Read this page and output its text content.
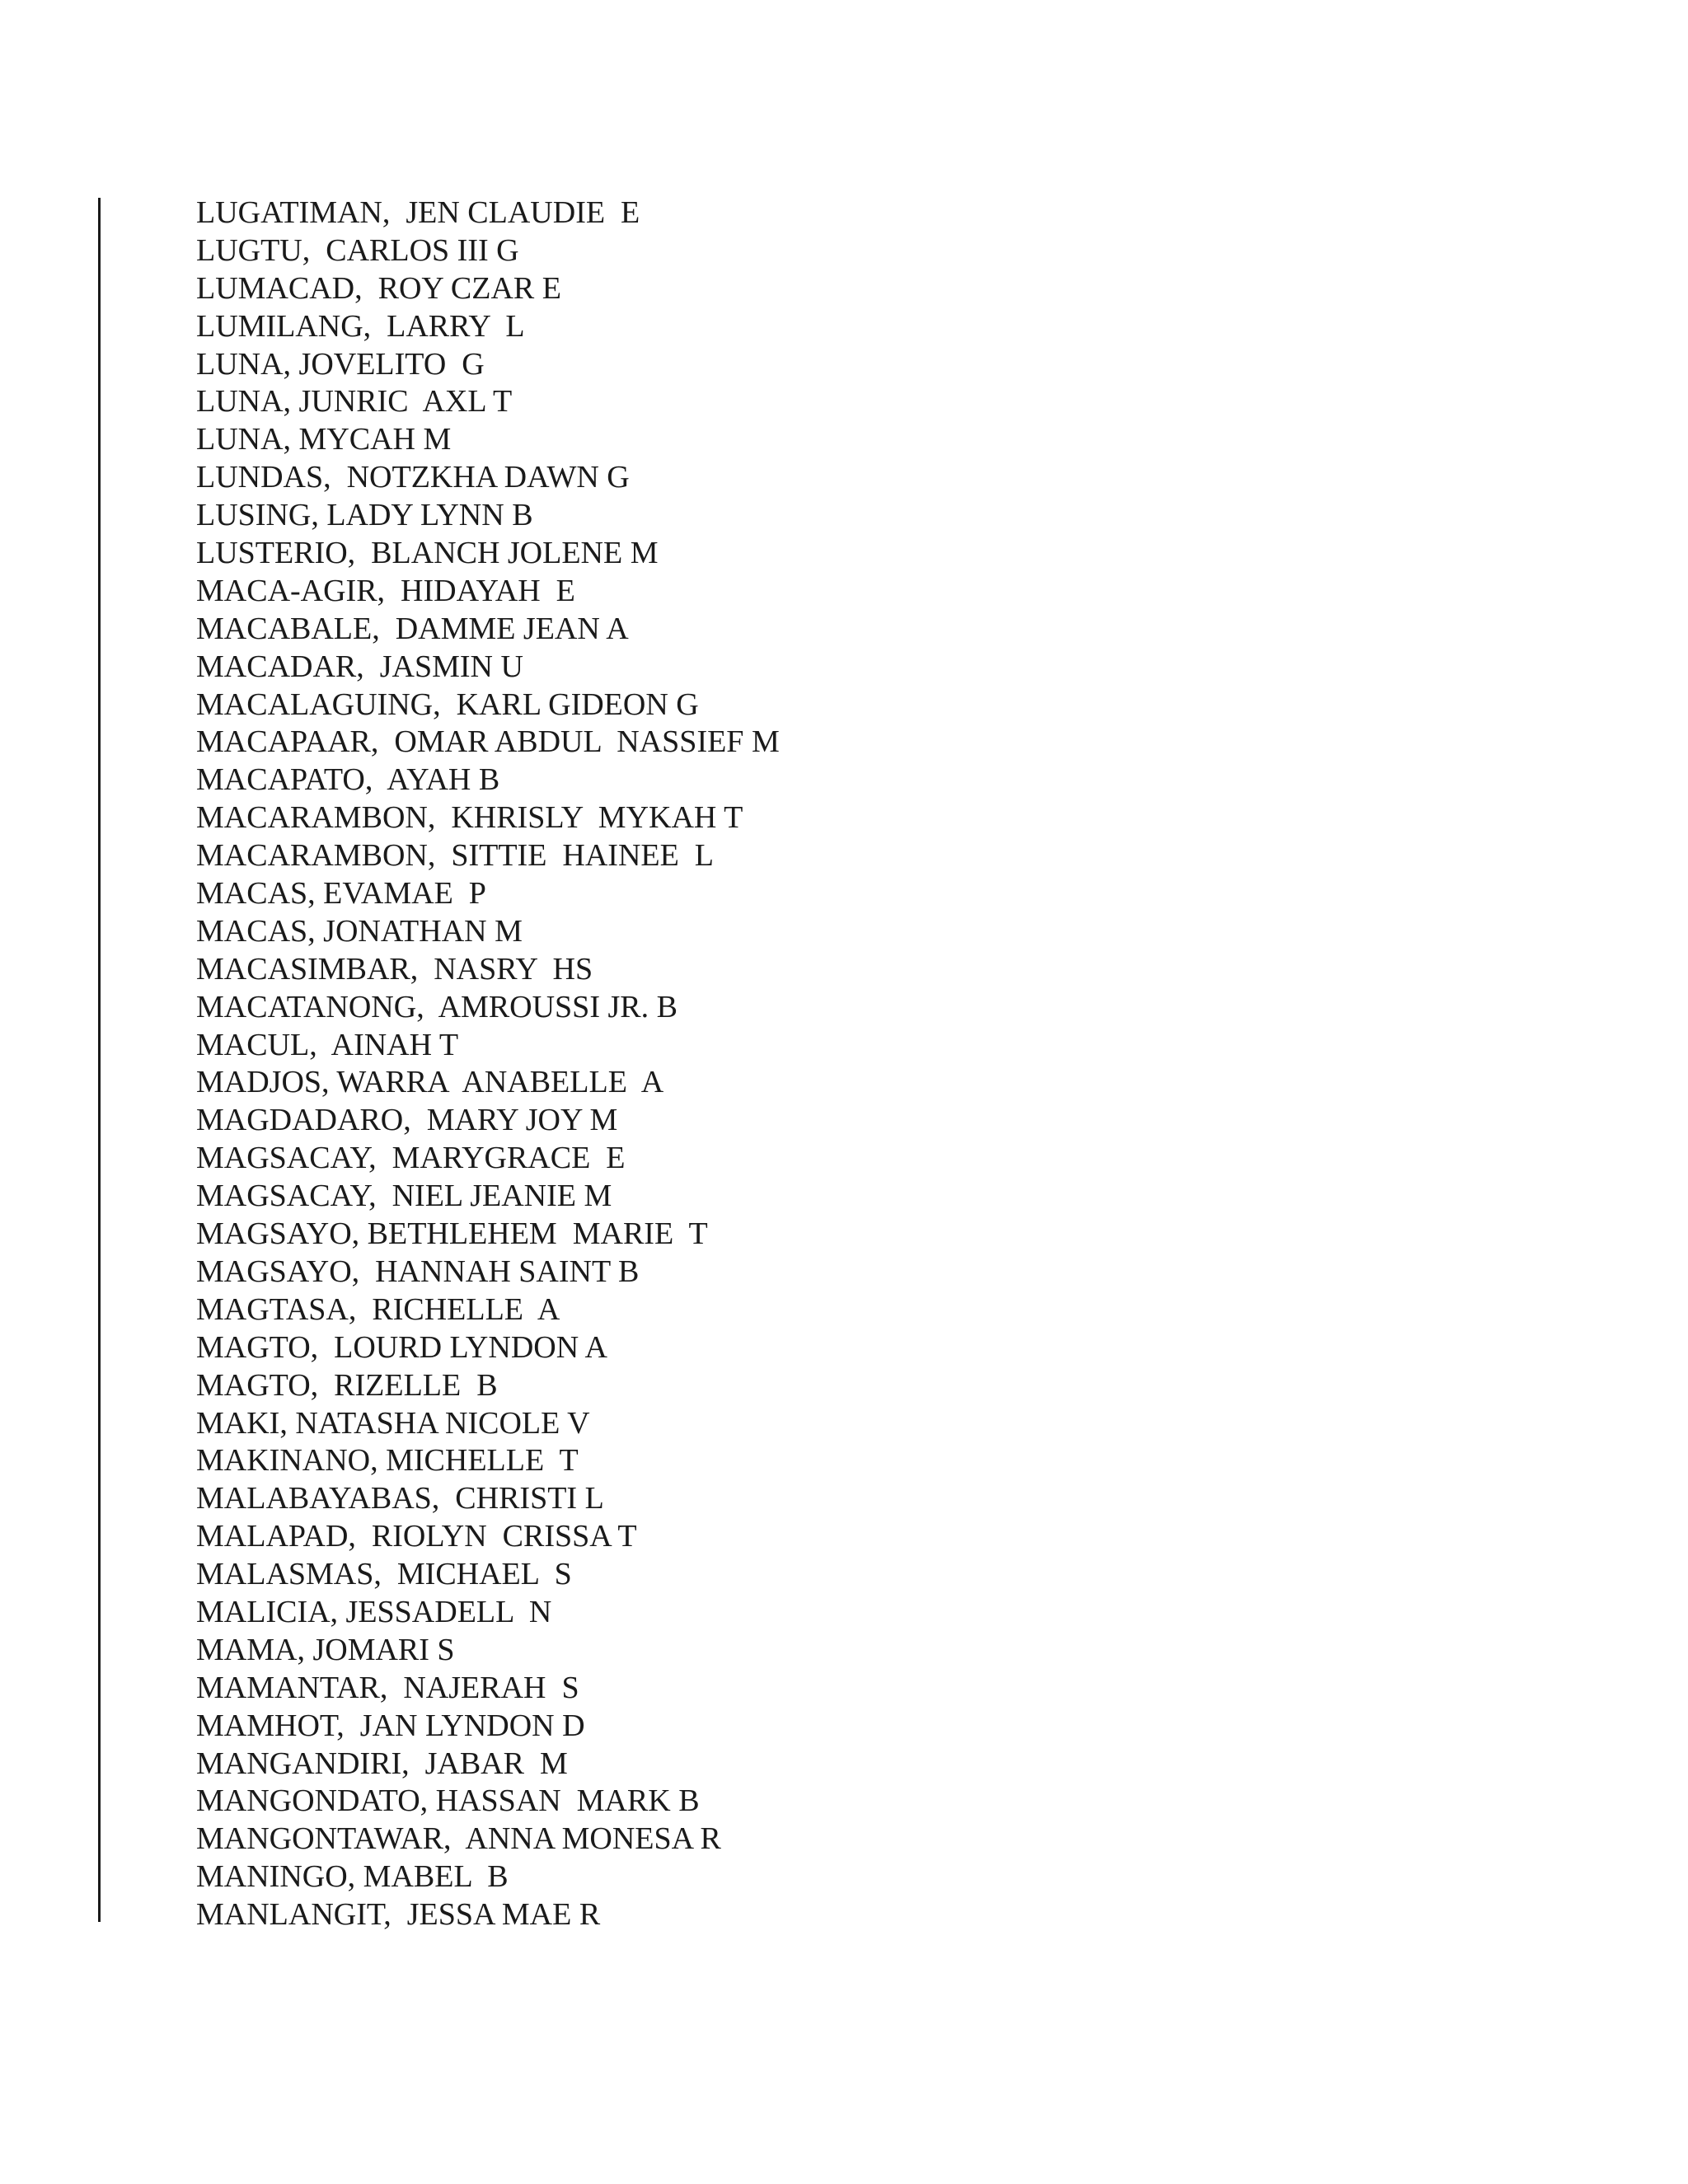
LUGATIMAN,  JEN CLAUDIE  E
LUGTU,  CARLOS III G
LUMACAD,  ROY CZAR E
LUMILANG,  LARRY  L
LUNA, JOVELITO  G
LUNA, JUNRIC  AXL T
LUNA, MYCAH M
LUNDAS,  NOTZKHA DAWN G
LUSING, LADY LYNN B
LUSTERIO,  BLANCH JOLENE M
MACA-AGIR,  HIDAYAH  E
MACABALE,  DAMME JEAN A
MACADAR,  JASMIN U
MACALAGUING,  KARL GIDEON G
MACAPAAR,  OMAR ABDUL  NASSIEF M
MACAPATO,  AYAH B
MACARAMBON,  KHRISLY  MYKAH T
MACARAMBON,  SITTIE  HAINEE  L
MACAS, EVAMAE  P
MACAS, JONATHAN M
MACASIMBAR,  NASRY  HS
MACATANONG,  AMROUSSI JR. B
MACUL,  AINAH T
MADJOS, WARRA  ANABELLE  A
MAGDADARO,  MARY JOY M
MAGSACAY,  MARYGRACE  E
MAGSACAY,  NIEL JEANIE M
MAGSAYO, BETHLEHEM  MARIE  T
MAGSAYO,  HANNAH SAINT B
MAGTASA,  RICHELLE  A
MAGTO,  LOURD LYNDON A
MAGTO,  RIZELLE  B
MAKI, NATASHA NICOLE V
MAKINANO, MICHELLE  T
MALABAYABAS,  CHRISTI L
MALAPAD,  RIOLYN  CRISSA T
MALASMAS,  MICHAEL  S
MALICIA, JESSADELL  N
MAMA, JOMARI S
MAMANTAR,  NAJERAH  S
MAMHOT,  JAN LYNDON D
MANGANDIRI,  JABAR  M
MANGONDATO, HASSAN  MARK B
MANGONTAWAR,  ANNA MONESA R
MANINGO, MABEL  B
MANLANGIT,  JESSA MAE R
